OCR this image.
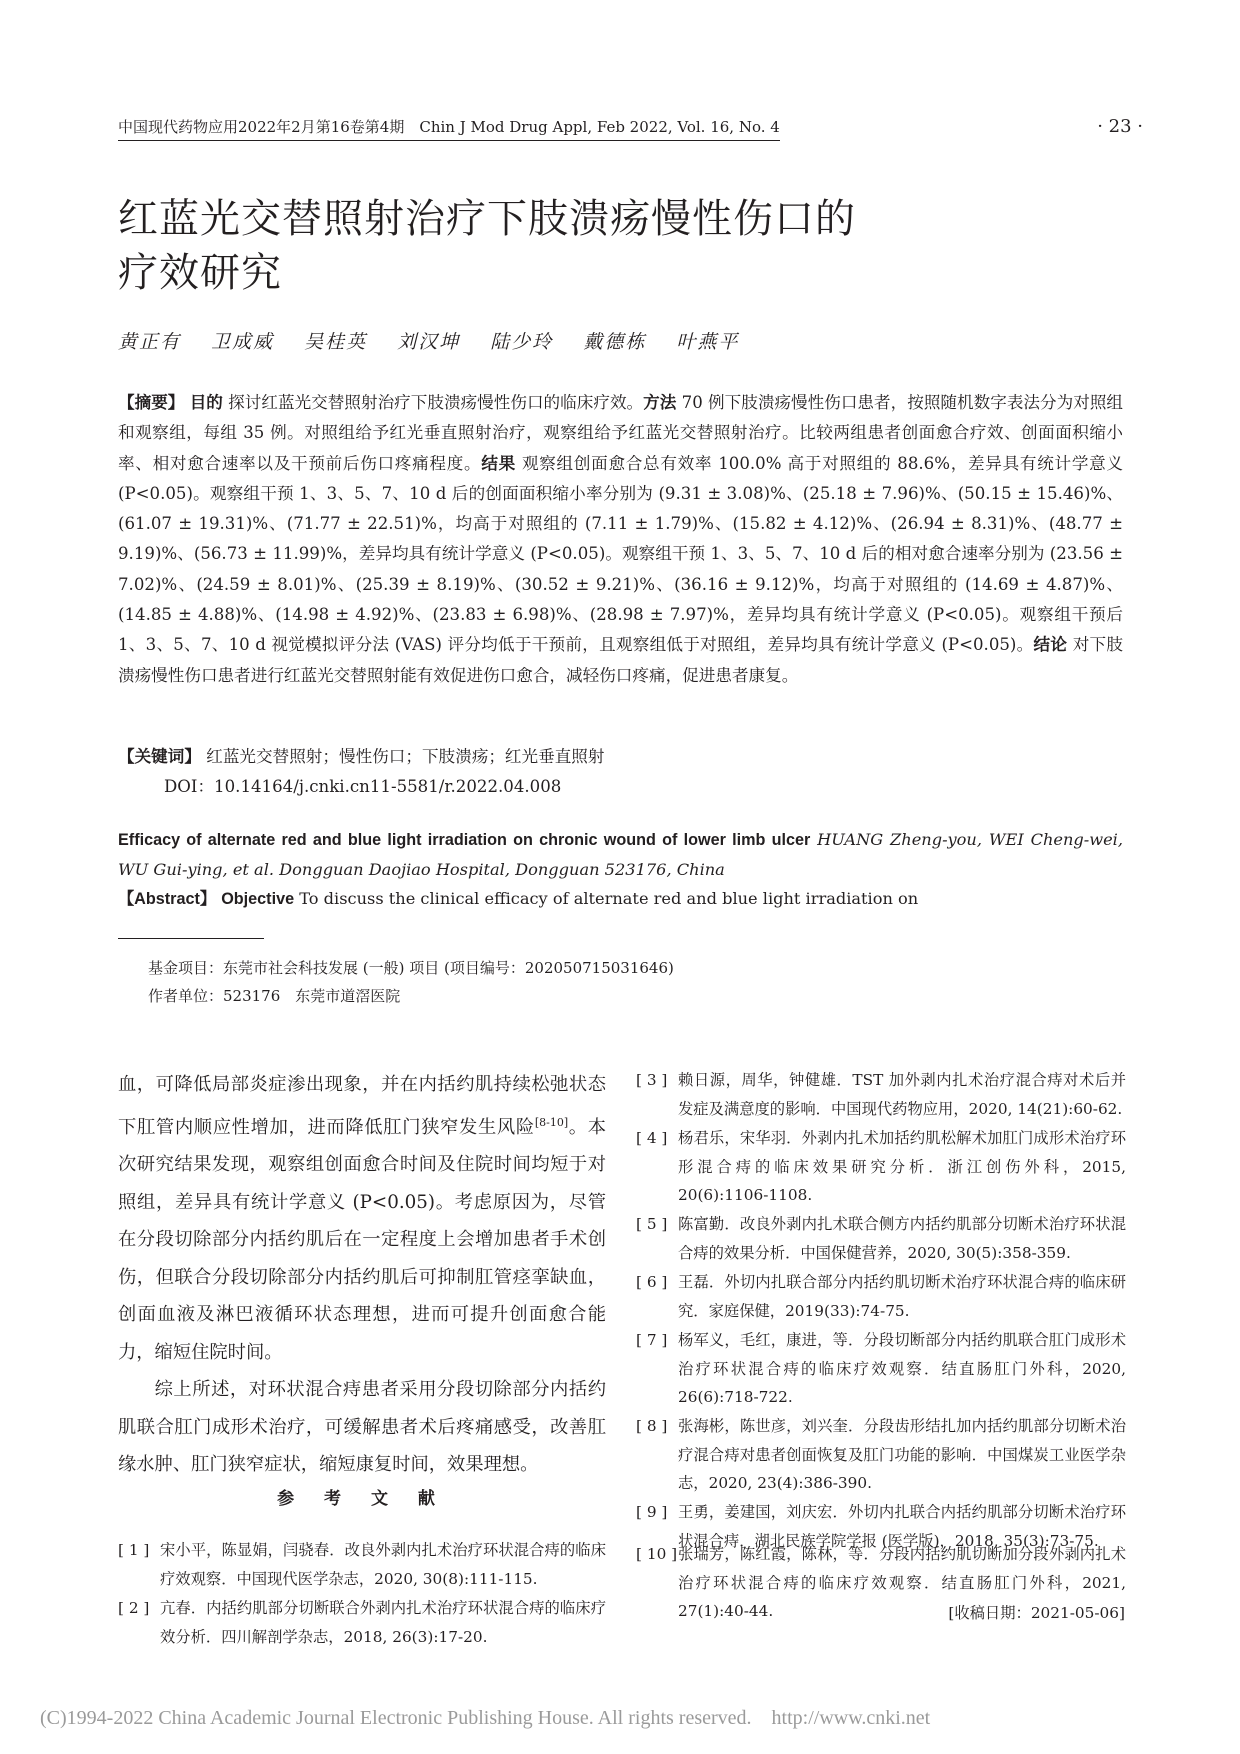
中国现代药物应用2022年2月第16卷第4期　Chin J Mod Drug Appl, Feb 2022, Vol. 16, No. 4	· 23 ·
红蓝光交替照射治疗下肢溃疡慢性伤口的
疗效研究
黄正有 卫成威 吴桂英 刘汉坤 陆少玲 戴德栋 叶燕平
【摘要】 目的 探讨红蓝光交替照射治疗下肢溃疡慢性伤口的临床疗效。方法 70 例下肢溃疡慢性伤口患者，按照随机数字表法分为对照组和观察组，每组 35 例。对照组给予红光垂直照射治疗，观察组给予红蓝光交替照射治疗。比较两组患者创面愈合疗效、创面面积缩小率、相对愈合速率以及干预前后伤口疼痛程度。结果 观察组创面愈合总有效率 100.0% 高于对照组的 88.6%，差异具有统计学意义 (P<0.05)。观察组干预 1、3、5、7、10 d 后的创面面积缩小率分别为 (9.31 ± 3.08)%、(25.18 ± 7.96)%、(50.15 ± 15.46)%、(61.07 ± 19.31)%、(71.77 ± 22.51)%，均高于对照组的 (7.11 ± 1.79)%、(15.82 ± 4.12)%、(26.94 ± 8.31)%、(48.77 ± 9.19)%、(56.73 ± 11.99)%，差异均具有统计学意义 (P<0.05)。观察组干预 1、3、5、7、10 d 后的相对愈合速率分别为 (23.56 ± 7.02)%、(24.59 ± 8.01)%、(25.39 ± 8.19)%、(30.52 ± 9.21)%、(36.16 ± 9.12)%，均高于对照组的 (14.69 ± 4.87)%、(14.85 ± 4.88)%、(14.98 ± 4.92)%、(23.83 ± 6.98)%、(28.98 ± 7.97)%，差异均具有统计学意义 (P<0.05)。观察组干预后 1、3、5、7、10 d 视觉模拟评分法 (VAS) 评分均低于干预前，且观察组低于对照组，差异均具有统计学意义 (P<0.05)。结论 对下肢溃疡慢性伤口患者进行红蓝光交替照射能有效促进伤口愈合，减轻伤口疼痛，促进患者康复。
【关键词】 红蓝光交替照射；慢性伤口；下肢溃疡；红光垂直照射
DOI：10.14164/j.cnki.cn11-5581/r.2022.04.008
Efficacy of alternate red and blue light irradiation on chronic wound of lower limb ulcer HUANG Zheng-you, WEI Cheng-wei, WU Gui-ying, et al. Dongguan Daojiao Hospital, Dongguan 523176, China
【Abstract】 Objective To discuss the clinical efficacy of alternate red and blue light irradiation on
基金项目：东莞市社会科技发展 (一般) 项目 (项目编号：202050715031646)
作者单位：523176　东莞市道滘医院

血，可降低局部炎症渗出现象，并在内括约肌持续松弛状态下肛管内顺应性增加，进而降低肛门狭窄发生风险[8-10]。本次研究结果发现，观察组创面愈合时间及住院时间均短于对照组，差异具有统计学意义 (P<0.05)。考虑原因为，尽管在分段切除部分内括约肌后在一定程度上会增加患者手术创伤，但联合分段切除部分内括约肌后可抑制肛管痉挛缺血，创面血液及淋巴液循环状态理想，进而可提升创面愈合能力，缩短住院时间。

综上所述，对环状混合痔患者采用分段切除部分内括约肌联合肛门成形术治疗，可缓解患者术后疼痛感受，改善肛缘水肿、肛门狭窄症状，缩短康复时间，效果理想。

参 考 文 献
[ 1 ] 宋小平，陈显娟，闫骁春．改良外剥内扎术治疗环状混合痔的临床疗效观察．中国现代医学杂志，2020, 30(8):111-115.
[ 2 ] 亢春．内括约肌部分切断联合外剥内扎术治疗环状混合痔的临床疗效分析．四川解剖学杂志，2018, 26(3):17-20.
[ 3 ] 赖日源，周华，钟健雄．TST 加外剥内扎术治疗混合痔对术后并发症及满意度的影响．中国现代药物应用，2020, 14(21):60-62.
[ 4 ] 杨君乐，宋华羽．外剥内扎术加括约肌松解术加肛门成形术治疗环形混合痔的临床效果研究分析．浙江创伤外科，2015, 20(6):1106-1108.
[ 5 ] 陈富勤．改良外剥内扎术联合侧方内括约肌部分切断术治疗环状混合痔的效果分析．中国保健营养，2020, 30(5):358-359.
[ 6 ] 王磊．外切内扎联合部分内括约肌切断术治疗环状混合痔的临床研究．家庭保健，2019(33):74-75.
[ 7 ] 杨军义，毛红，康进，等．分段切断部分内括约肌联合肛门成形术治疗环状混合痔的临床疗效观察．结直肠肛门外科，2020, 26(6):718-722.
[ 8 ] 张海彬，陈世彦，刘兴奎．分段齿形结扎加内括约肌部分切断术治疗混合痔对患者创面恢复及肛门功能的影响．中国煤炭工业医学杂志，2020, 23(4):386-390.
[ 9 ] 王勇，姜建国，刘庆宏．外切内扎联合内括约肌部分切断术治疗环状混合痔．湖北民族学院学报 (医学版)，2018, 35(3):73-75.
[ 10 ] 张瑞芳，陈红霞，陈林，等．分段内括约肌切断加分段外剥内扎术治疗环状混合痔的临床疗效观察．结直肠肛门外科，2021, 27(1):40-44.	[收稿日期：2021-05-06]
(C)1994-2022 China Academic Journal Electronic Publishing House. All rights reserved.　http://www.cnki.net
